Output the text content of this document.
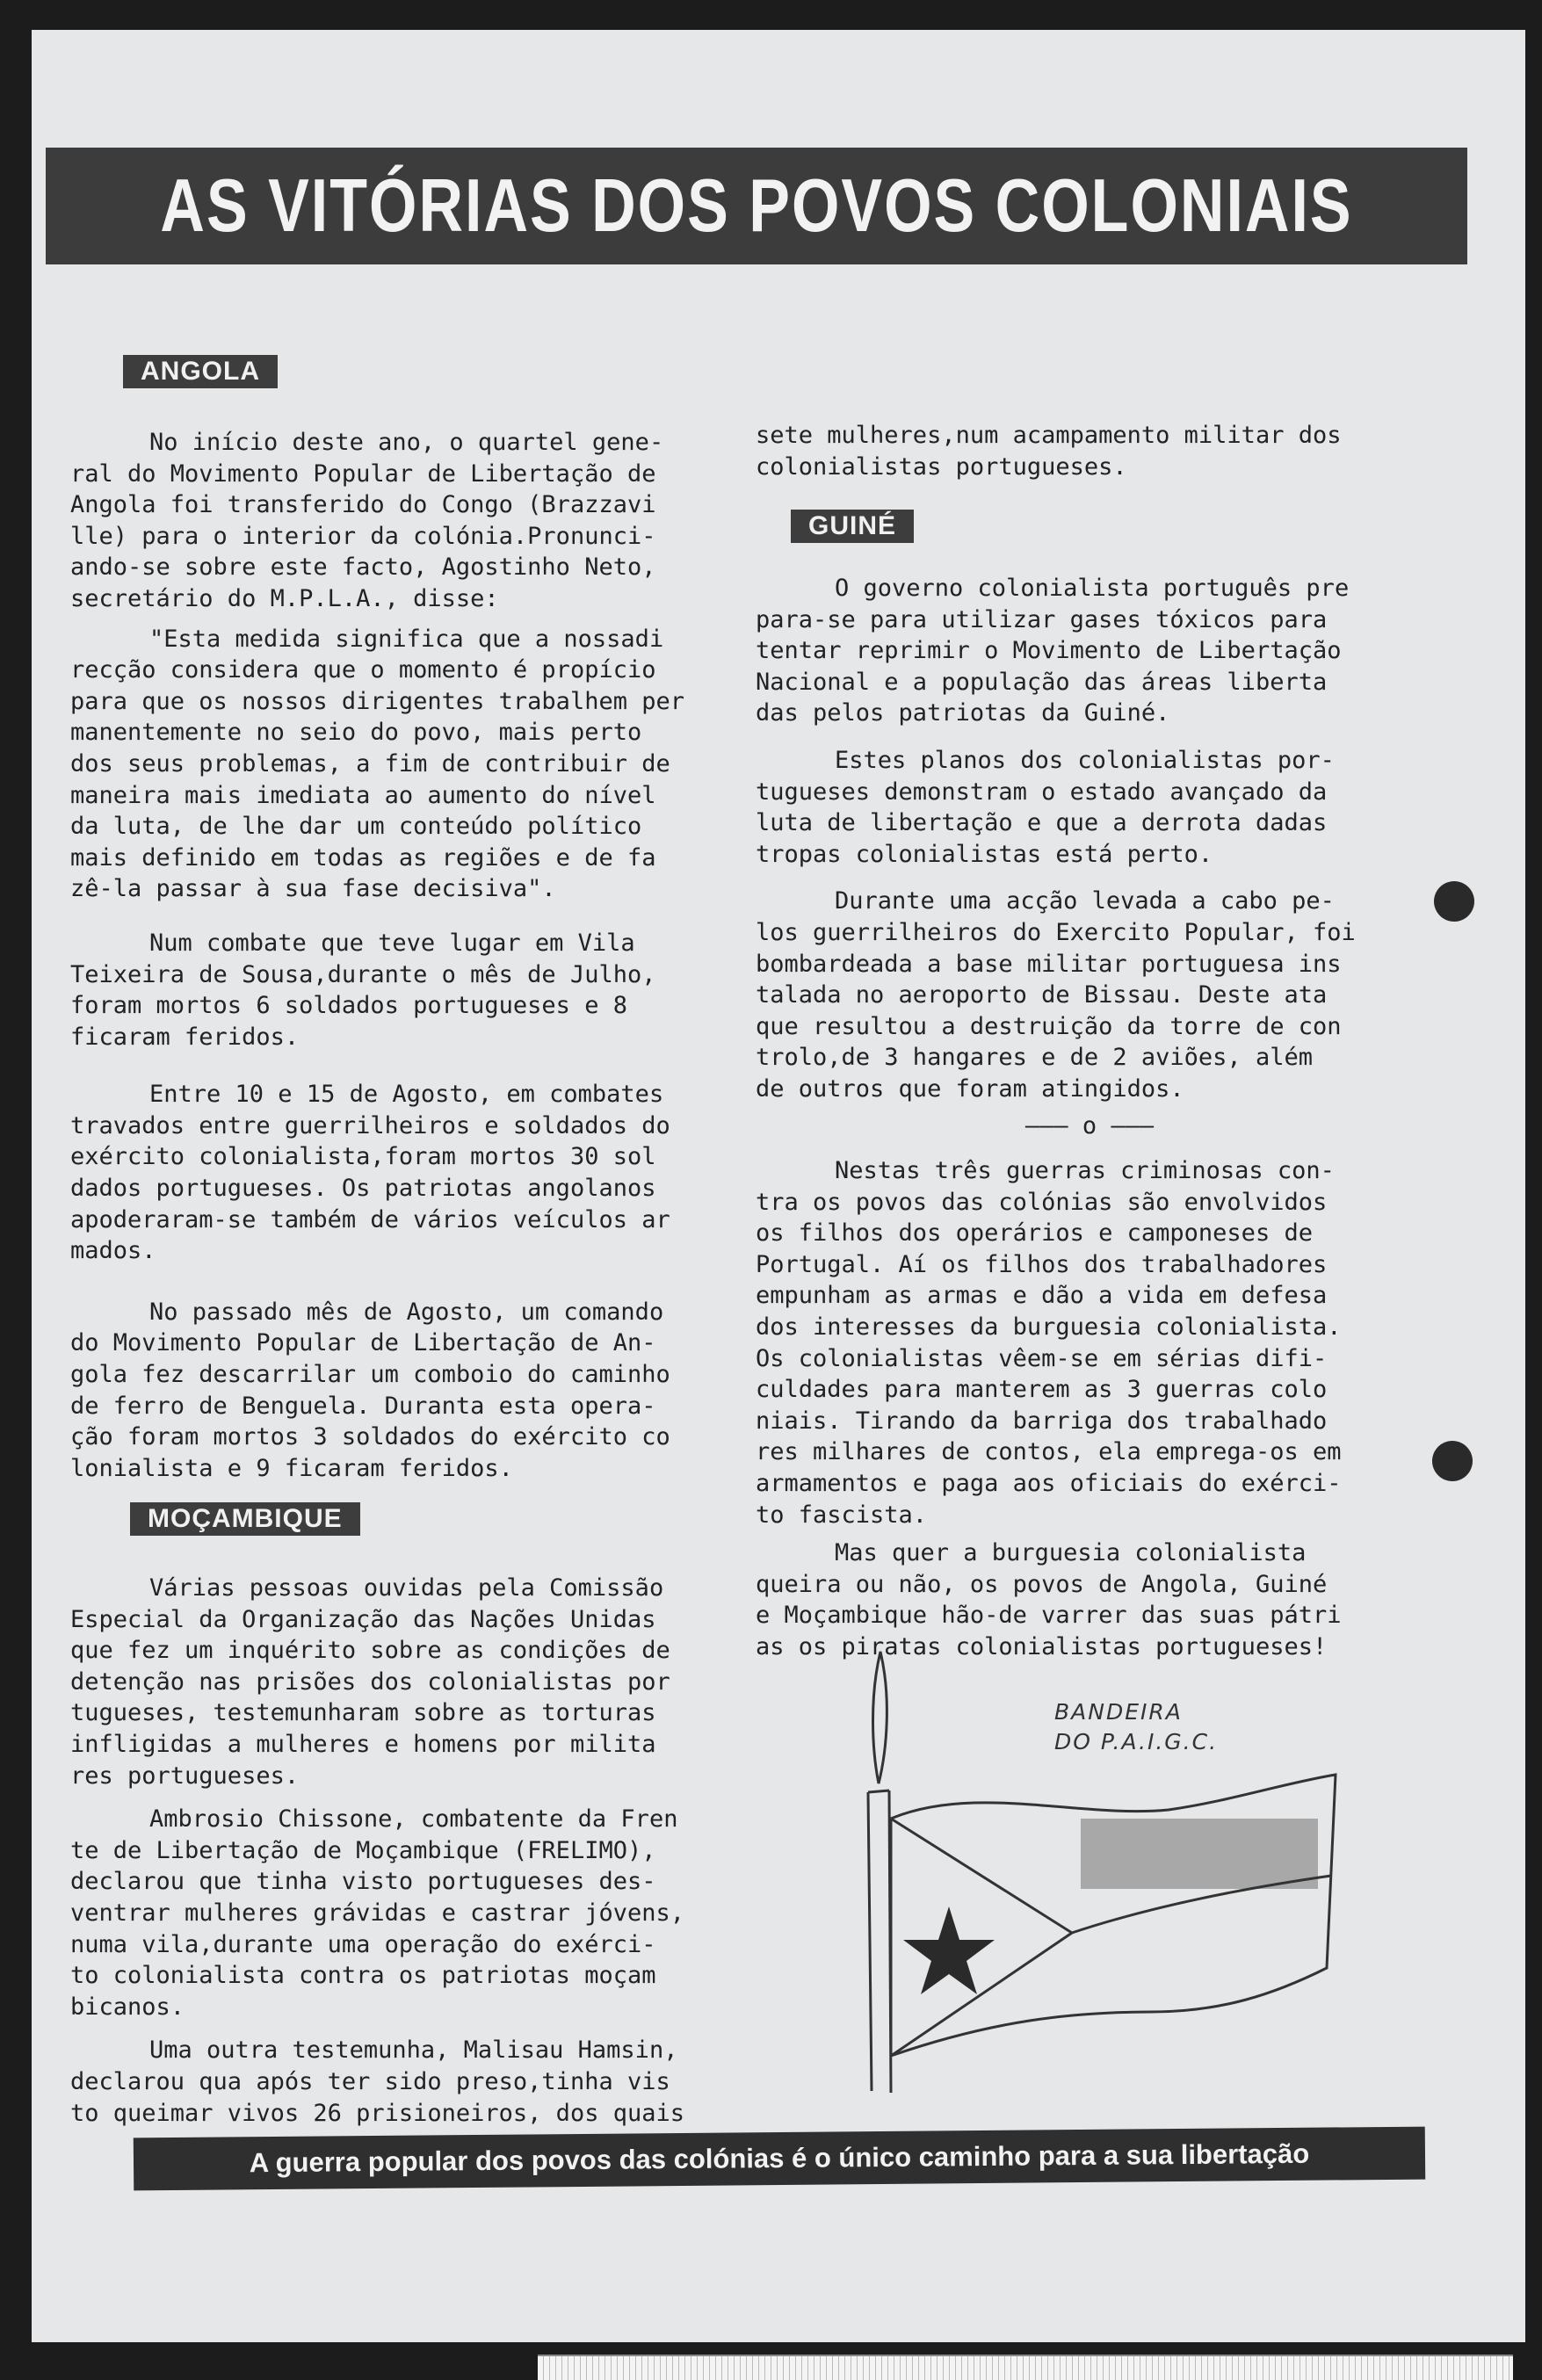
AS VITÓRIAS DOS POVOS COLONIAIS
ANGOLA

No início deste ano, o quartel gene-
ral do Movimento Popular de Libertação de
Angola foi transferido do Congo (Brazzavi
lle) para o interior da colónia.Pronunci-
ando-se sobre este facto, Agostinho Neto,
secretário do M.P.L.A., disse:

"Esta medida significa que a nossadi
recção considera que o momento é propício
para que os nossos dirigentes trabalhem per
manentemente no seio do povo, mais perto
dos seus problemas, a fim de contribuir de
maneira mais imediata ao aumento do nível
da luta, de lhe dar um conteúdo político
mais definido em todas as regiões e de fa
zê-la passar à sua fase decisiva".

Num combate que teve lugar em Vila
Teixeira de Sousa,durante o mês de Julho,
foram mortos 6 soldados portugueses e 8
ficaram feridos.

Entre 10 e 15 de Agosto, em combates
travados entre guerrilheiros e soldados do
exército colonialista,foram mortos 30 sol
dados portugueses. Os patriotas angolanos
apoderaram-se também de vários veículos ar
mados.

No passado mês de Agosto, um comando
do Movimento Popular de Libertação de An-
gola fez descarrilar um comboio do caminho
de ferro de Benguela. Duranta esta opera-
ção foram mortos 3 soldados do exército co
lonialista e 9 ficaram feridos.

MOÇAMBIQUE

Várias pessoas ouvidas pela Comissão
Especial da Organização das Nações Unidas
que fez um inquérito sobre as condições de
detenção nas prisões dos colonialistas por
tugueses, testemunharam sobre as torturas
infligidas a mulheres e homens por milita
res portugueses.

Ambrosio Chissone, combatente da Fren
te de Libertação de Moçambique (FRELIMO),
declarou que tinha visto portugueses des-
ventrar mulheres grávidas e castrar jóvens,
numa vila,durante uma operação do exérci-
to colonialista contra os patriotas moçam
bicanos.

Uma outra testemunha, Malisau Hamsin,
declarou qua após ter sido preso,tinha vis
to queimar vivos 26 prisioneiros, dos quais

sete mulheres,num acampamento militar dos
colonialistas portugueses.

GUINÉ

O governo colonialista português pre
para-se para utilizar gases tóxicos para
tentar reprimir o Movimento de Libertação
Nacional e a população das áreas liberta
das pelos patriotas da Guiné.

Estes planos dos colonialistas por-
tugueses demonstram o estado avançado da
luta de libertação e que a derrota dadas
tropas colonialistas está perto.

Durante uma acção levada a cabo pe-
los guerrilheiros do Exercito Popular, foi
bombardeada a base militar portuguesa ins
talada no aeroporto de Bissau. Deste ata
que resultou a destruição da torre de con
trolo,de 3 hangares e de 2 aviões, além
de outros que foram atingidos.

——— o ———

Nestas três guerras criminosas con-
tra os povos das colónias são envolvidos
os filhos dos operários e camponeses de
Portugal. Aí os filhos dos trabalhadores
empunham as armas e dão a vida em defesa
dos interesses da burguesia colonialista.
Os colonialistas vêem-se em sérias difi-
culdades para manterem as 3 guerras colo
niais. Tirando da barriga dos trabalhado
res milhares de contos, ela emprega-os em
armamentos e paga aos oficiais do exérci-
to fascista.

Mas quer a burguesia colonialista
queira ou não, os povos de Angola, Guiné
e Moçambique hão-de varrer das suas pátri
as os piratas colonialistas portugueses!

BANDEIRA
DO P.A.I.G.C.
A guerra popular dos povos das colónias é o único caminho para a sua libertação
